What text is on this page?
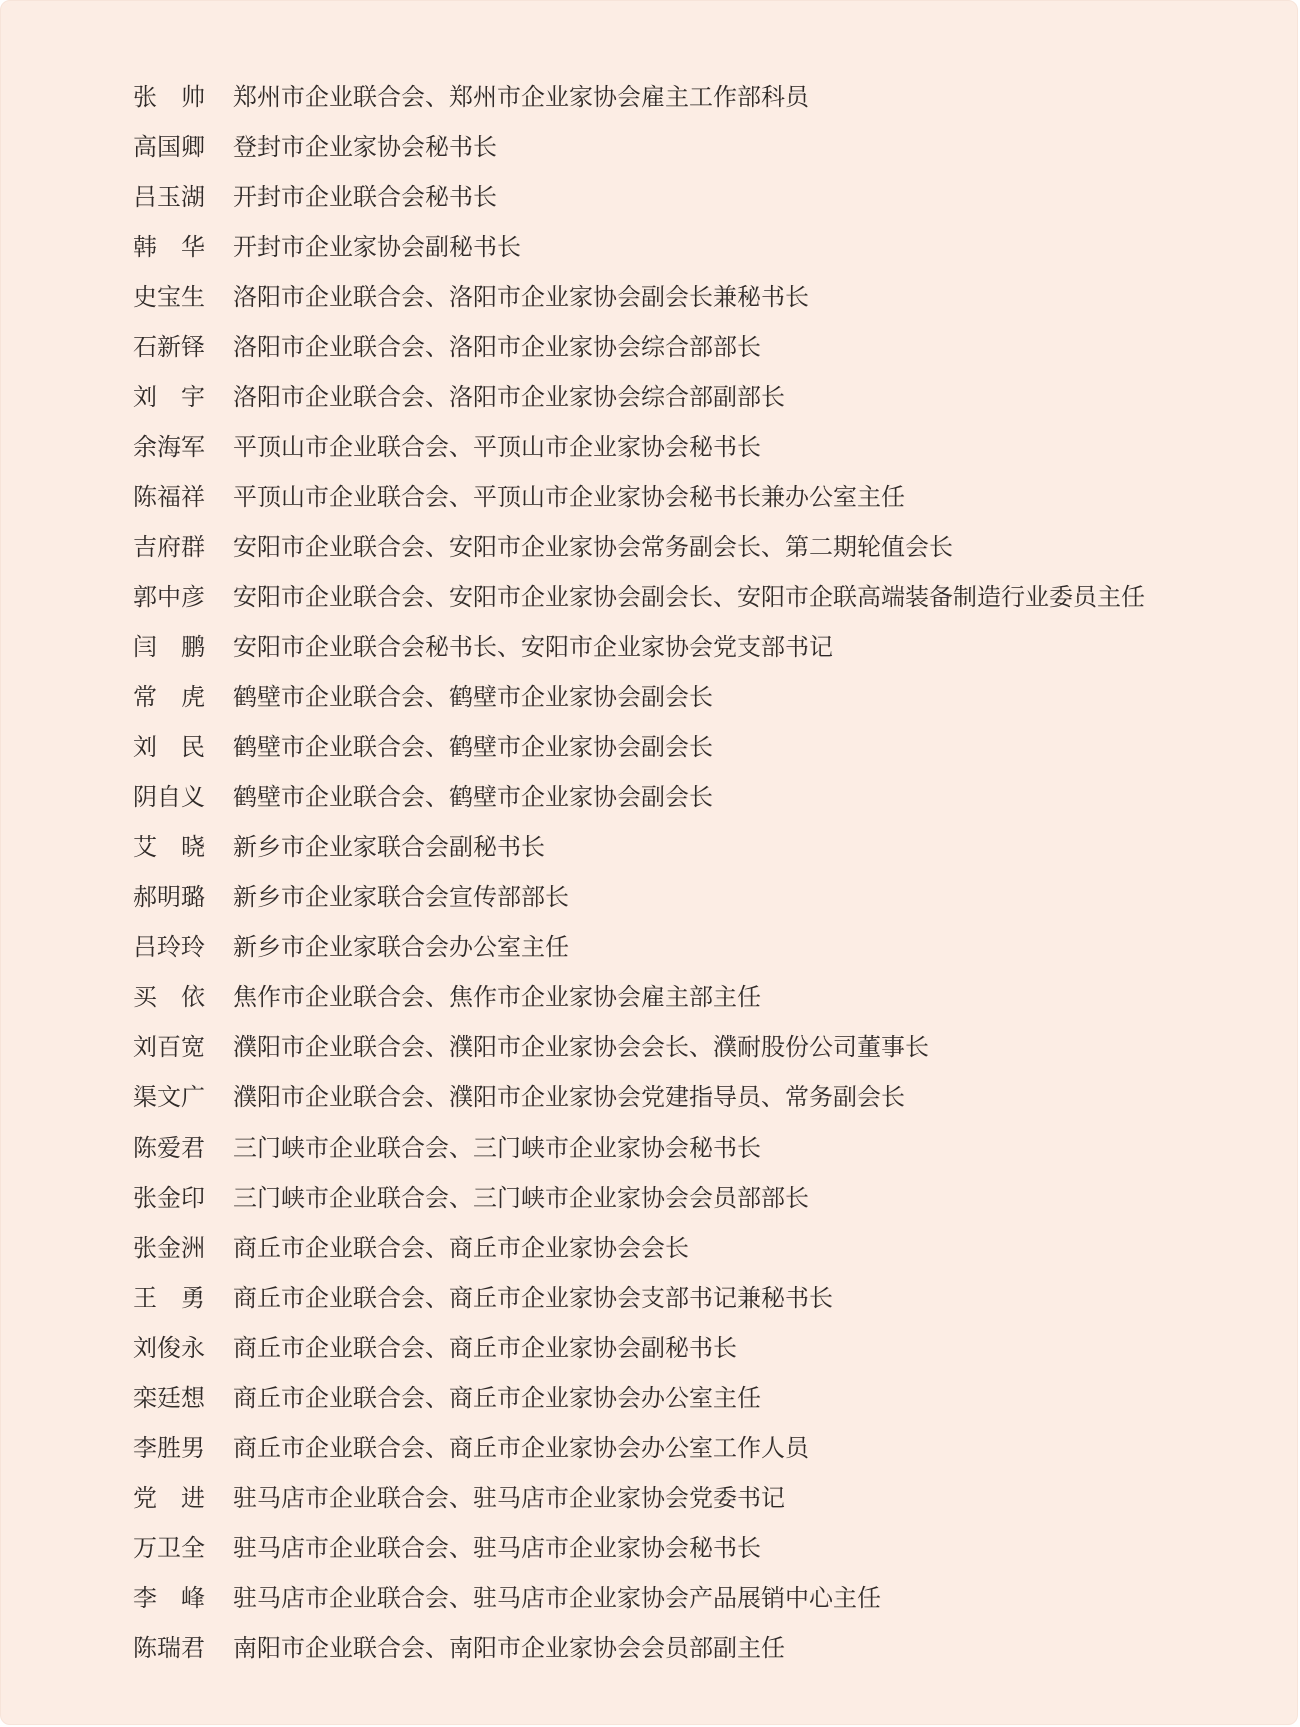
张　帅	郑州市企业联合会、郑州市企业家协会雇主工作部科员
高国卿	登封市企业家协会秘书长
吕玉湖	开封市企业联合会秘书长
韩　华	开封市企业家协会副秘书长
史宝生	洛阳市企业联合会、洛阳市企业家协会副会长兼秘书长
石新铎	洛阳市企业联合会、洛阳市企业家协会综合部部长
刘　宇	洛阳市企业联合会、洛阳市企业家协会综合部副部长
余海军	平顶山市企业联合会、平顶山市企业家协会秘书长
陈福祥	平顶山市企业联合会、平顶山市企业家协会秘书长兼办公室主任
吉府群	安阳市企业联合会、安阳市企业家协会常务副会长、第二期轮值会长
郭中彦	安阳市企业联合会、安阳市企业家协会副会长、安阳市企联高端装备制造行业委员主任
闫　鹏	安阳市企业联合会秘书长、安阳市企业家协会党支部书记
常　虎	鹤壁市企业联合会、鹤壁市企业家协会副会长
刘　民	鹤壁市企业联合会、鹤壁市企业家协会副会长
阴自义	鹤壁市企业联合会、鹤壁市企业家协会副会长
艾　晓	新乡市企业家联合会副秘书长
郝明璐	新乡市企业家联合会宣传部部长
吕玲玲	新乡市企业家联合会办公室主任
买　依	焦作市企业联合会、焦作市企业家协会雇主部主任
刘百宽	濮阳市企业联合会、濮阳市企业家协会会长、濮耐股份公司董事长
渠文广	濮阳市企业联合会、濮阳市企业家协会党建指导员、常务副会长
陈爱君	三门峡市企业联合会、三门峡市企业家协会秘书长
张金印	三门峡市企业联合会、三门峡市企业家协会会员部部长
张金洲	商丘市企业联合会、商丘市企业家协会会长
王　勇	商丘市企业联合会、商丘市企业家协会支部书记兼秘书长
刘俊永	商丘市企业联合会、商丘市企业家协会副秘书长
栾廷想	商丘市企业联合会、商丘市企业家协会办公室主任
李胜男	商丘市企业联合会、商丘市企业家协会办公室工作人员
党　进	驻马店市企业联合会、驻马店市企业家协会党委书记
万卫全	驻马店市企业联合会、驻马店市企业家协会秘书长
李　峰	驻马店市企业联合会、驻马店市企业家协会产品展销中心主任
陈瑞君	南阳市企业联合会、南阳市企业家协会会员部副主任
